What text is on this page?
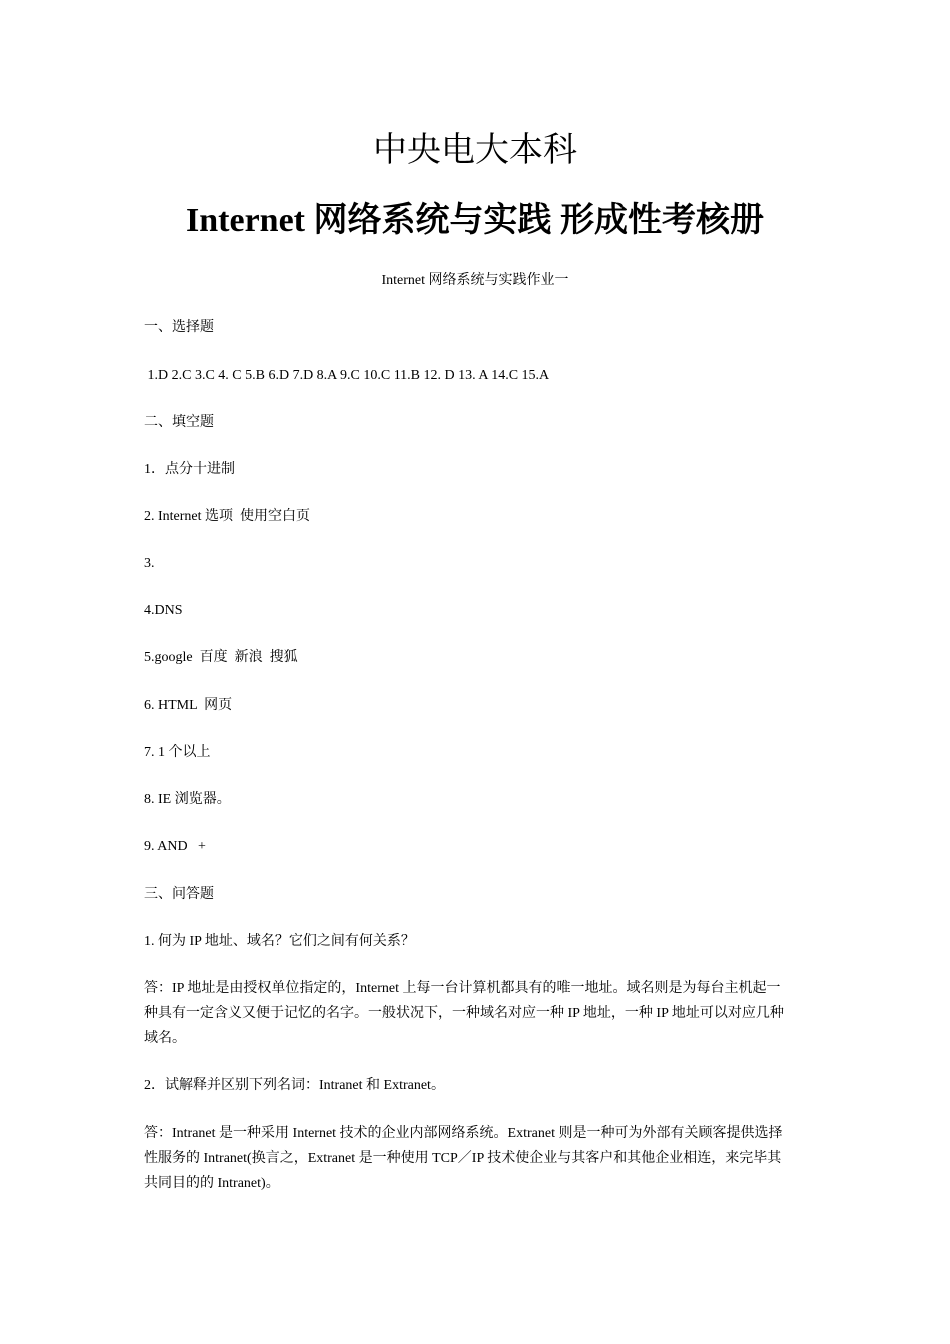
中央电大本科
Internet 网络系统与实践 形成性考核册
Internet 网络系统与实践作业一
一、选择题
1.D 2.C 3.C 4. C 5.B 6.D 7.D 8.A 9.C 10.C 11.B 12. D 13. A 14.C 15.A
二、填空题
1．点分十进制
2. Internet 选项  使用空白页
3.
4.DNS
5.google  百度  新浪  搜狐
6. HTML  网页
7. 1 个以上
8. IE 浏览器。
9. AND   +
三、问答题
1. 何为 IP 地址、域名？它们之间有何关系？
答：IP 地址是由授权单位指定的，Internet 上每一台计算机都具有的唯一地址。域名则是为每台主机起一
种具有一定含义又便于记忆的名字。一般状况下，一种域名对应一种 IP 地址，一种 IP 地址可以对应几种
域名。
2．试解释并区别下列名词：Intranet 和 Extranet。
答：Intranet 是一种采用 Internet 技术的企业内部网络系统。Extranet 则是一种可为外部有关顾客提供选择
性服务的 Intranet(换言之，Extranet 是一种使用 TCP／IP 技术使企业与其客户和其他企业相连，来完毕其
共同目的的 Intranet)。
